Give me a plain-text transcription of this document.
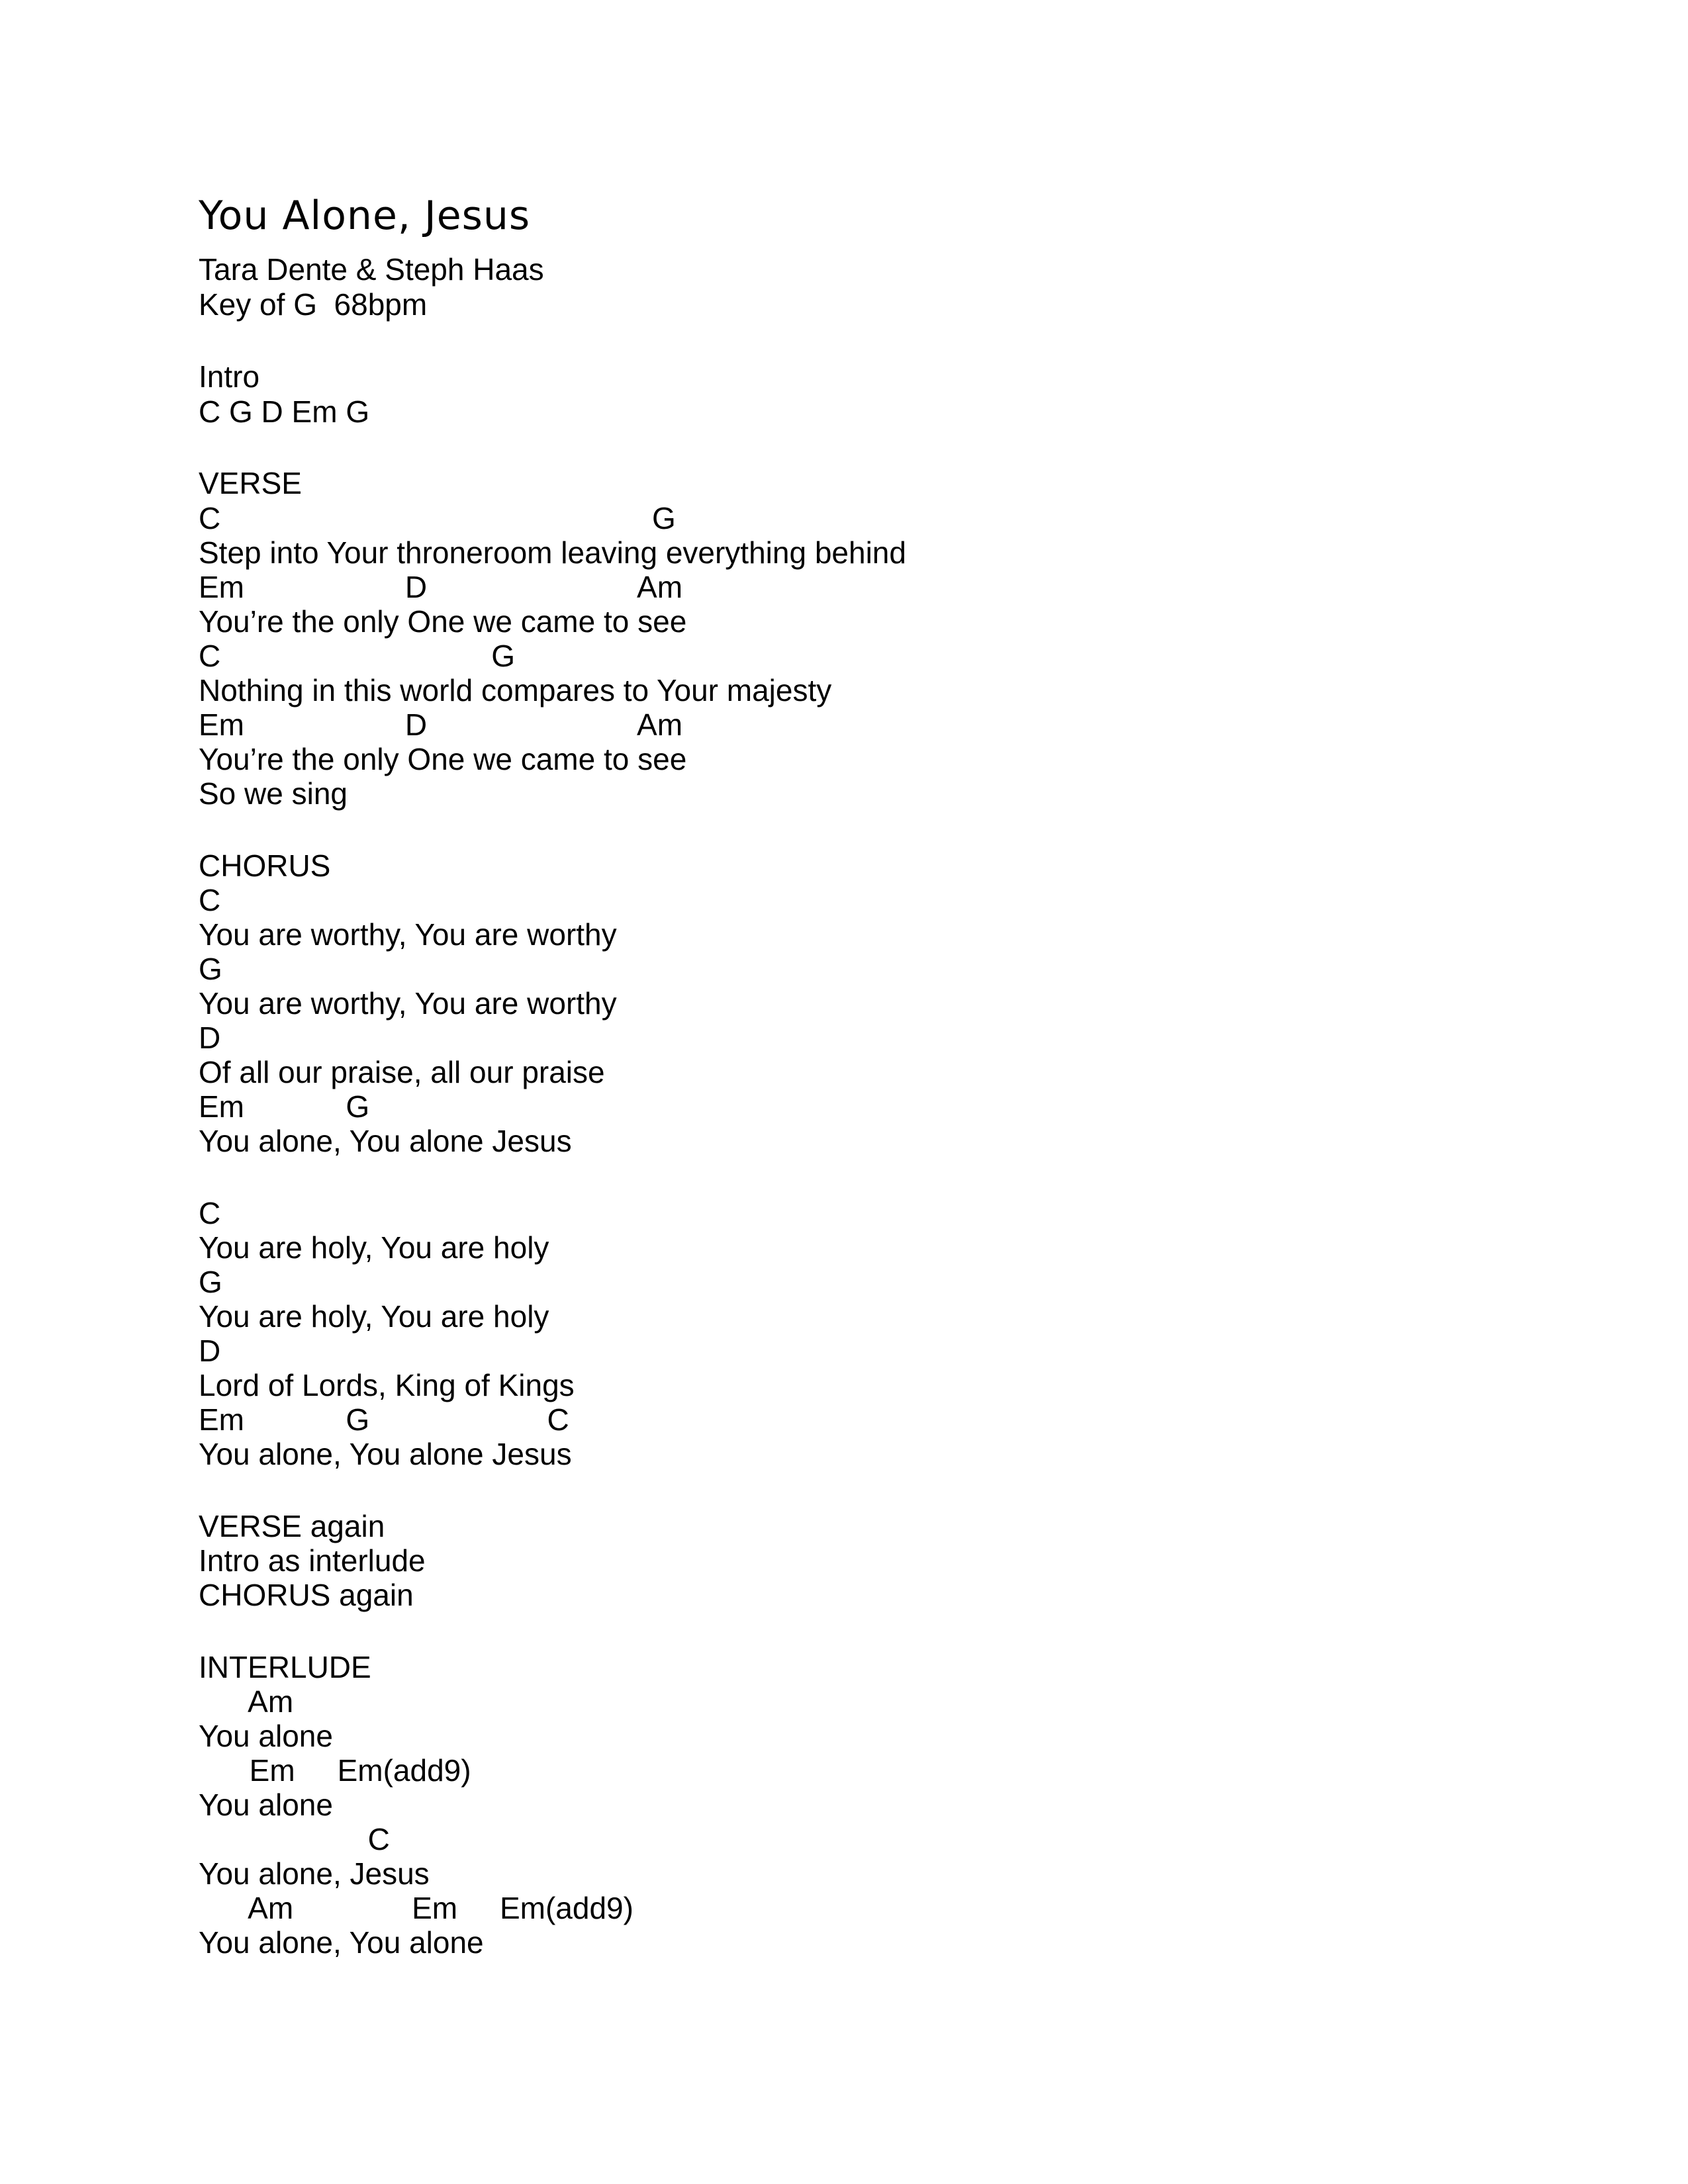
You Alone, Jesus
Tara Dente & Steph Haas
Key of G  68bpm
Intro
C G D Em G
VERSE
C                                                   G
Step into Your throneroom leaving everything behind
Em                   D                         Am
You’re the only One we came to see
C                                G
Nothing in this world compares to Your majesty
Em                   D                         Am
You’re the only One we came to see
So we sing
CHORUS
C
You are worthy, You are worthy
G
You are worthy, You are worthy
D
Of all our praise, all our praise
Em            G
You alone, You alone Jesus
C
You are holy, You are holy
G
You are holy, You are holy
D
Lord of Lords, King of Kings
Em            G                     C
You alone, You alone Jesus
VERSE again
Intro as interlude
CHORUS again
INTERLUDE
Am
You alone
Em     Em(add9)
You alone
C
You alone, Jesus
Am              Em     Em(add9)
You alone, You alone
